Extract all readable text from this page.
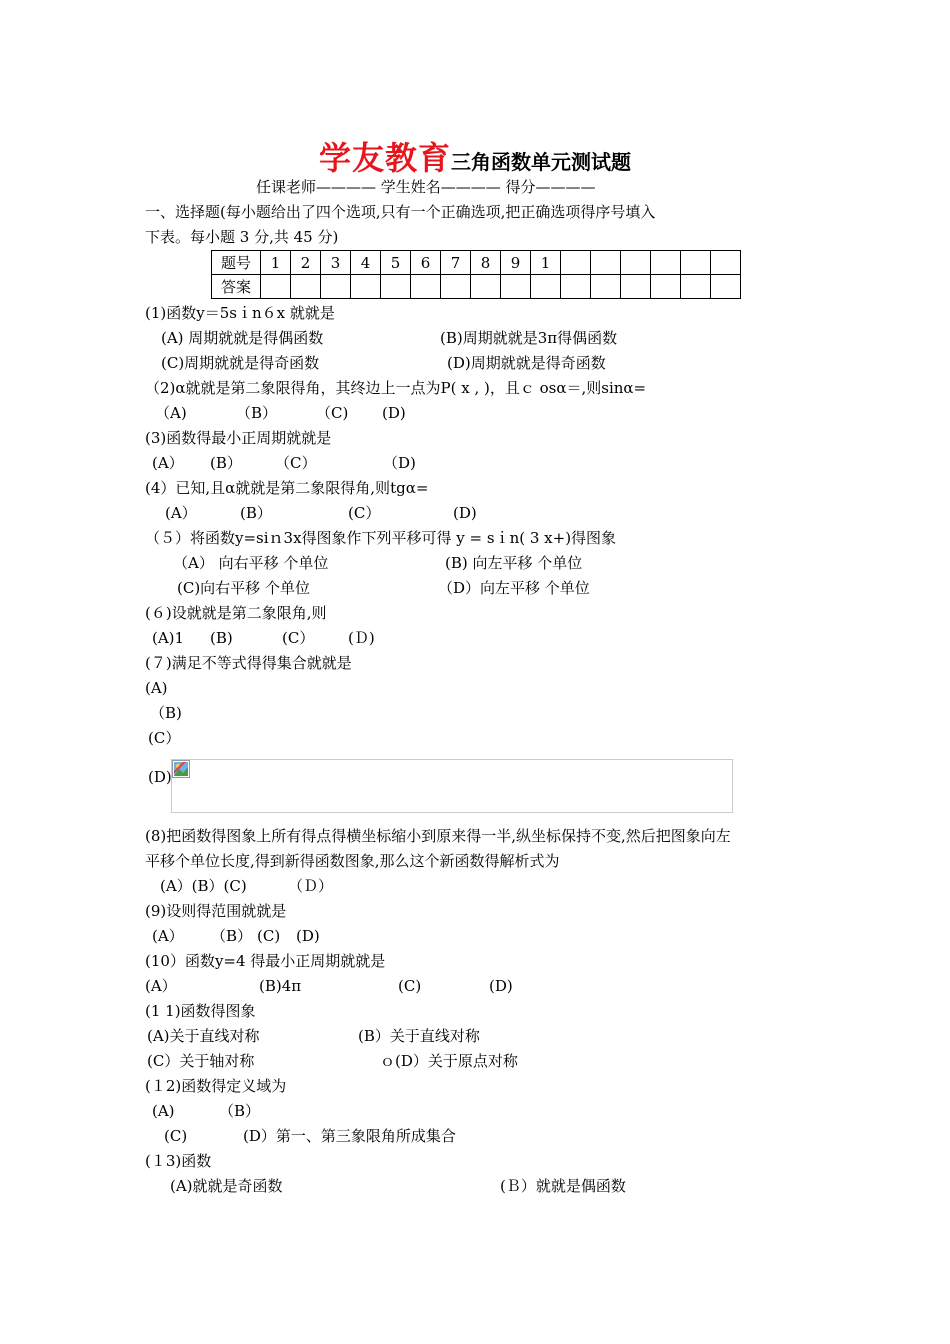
学友教育三角函数单元测试题
任课老师———— 学生姓名———— 得分————
一、选择题(每小题给出了四个选项,只有一个正确选项,把正确选项得序号填入
下表。每小题 3 分,共 45 分)
题号	1	2	3	4	5	6	7	8	9	1						
答案																
(1)函数y＝5sｉn６x 就就是
(A) 周期就就是得偶函数	(B)周期就就是3π得偶函数
(C)周期就就是得奇函数	(D)周期就就是得奇函数
（2)α就就是第二象限得角，其终边上一点为P( x , )，且ｃ osα＝,则sinα=
（A)	（B）	（C) (D)
(3)函数得最小正周期就就是
(A） (B） （C）	（D)
(4）已知,且α就就是第二象限得角,则tgα=
(A）	(B）	(C）	(D)
（５）将函数y=siｎ3x得图象作下列平移可得 y = sｉn( 3 x+)得图象
（A） 向右平移 个单位	(B) 向左平移 个单位
(C)向右平移 个单位	（D）向左平移 个单位
(６)设就就是第二象限角,则
(A)1 (B)	(C） (Ｄ)
(７)满足不等式得得集合就就是
(A)
（B)
(C）
(D)
(8)把函数得图象上所有得点得横坐标缩小到原来得一半,纵坐标保持不变,然后把图象向左
平移个单位长度,得到新得函数图象,那么这个新函数得解析式为
(A）(B）(C)	（Ｄ）
(9)设则得范围就就是
(A） （B） (C) (D)
(10）函数y=4 得最小正周期就就是
(A）	(B)4π	(C)	(D)
(1 1)函数得图象
(A)关于直线对称	(B）关于直线对称
(C）关于轴对称	ｏ(D）关于原点对称
(１2)函数得定义域为
(A)	（B）
(C)	(D）第一、第三象限角所成集合
(１3)函数
(A)就就是奇函数	(Ｂ）就就是偶函数
